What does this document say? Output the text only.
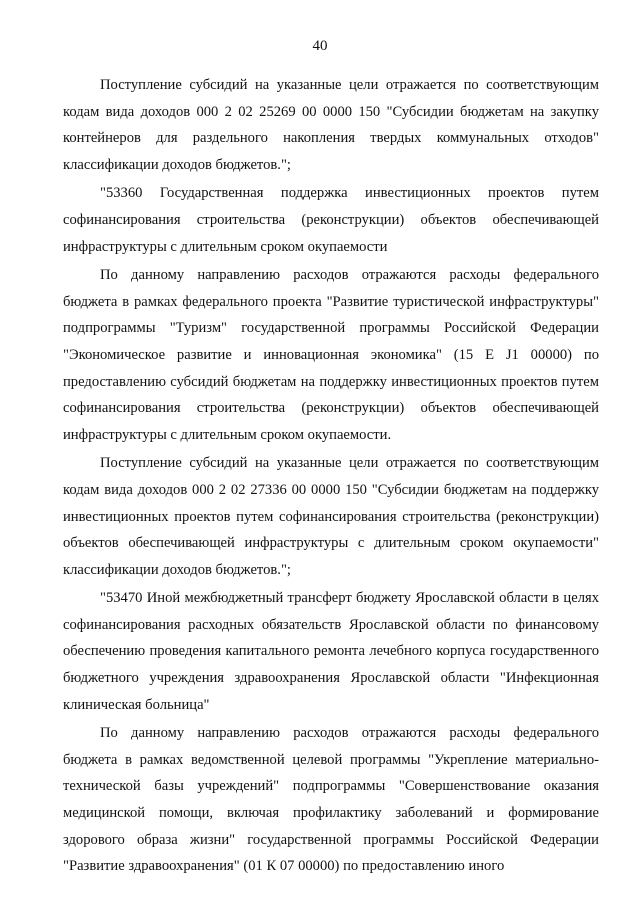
40

Поступление субсидий на указанные цели отражается по соответствующим кодам вида доходов 000 2 02 25269 00 0000 150 "Субсидии бюджетам на закупку контейнеров для раздельного накопления твердых коммунальных отходов" классификации доходов бюджетов.";

"53360 Государственная поддержка инвестиционных проектов путем софинансирования строительства (реконструкции) объектов обеспечивающей инфраструктуры с длительным сроком окупаемости

По данному направлению расходов отражаются расходы федерального бюджета в рамках федерального проекта "Развитие туристической инфраструктуры" подпрограммы "Туризм" государственной программы Российской Федерации "Экономическое развитие и инновационная экономика" (15 Е J1 00000) по предоставлению субсидий бюджетам на поддержку инвестиционных проектов путем софинансирования строительства (реконструкции) объектов обеспечивающей инфраструктуры с длительным сроком окупаемости.

Поступление субсидий на указанные цели отражается по соответствующим кодам вида доходов 000 2 02 27336 00 0000 150 "Субсидии бюджетам на поддержку инвестиционных проектов путем софинансирования строительства (реконструкции) объектов обеспечивающей инфраструктуры с длительным сроком окупаемости" классификации доходов бюджетов.";

"53470 Иной межбюджетный трансферт бюджету Ярославской области в целях софинансирования расходных обязательств Ярославской области по финансовому обеспечению проведения капитального ремонта лечебного корпуса государственного бюджетного учреждения здравоохранения Ярославской области "Инфекционная клиническая больница"

По данному направлению расходов отражаются расходы федерального бюджета в рамках ведомственной целевой программы "Укрепление материально-технической базы учреждений" подпрограммы "Совершенствование оказания медицинской помощи, включая профилактику заболеваний и формирование здорового образа жизни" государственной программы Российской Федерации "Развитие здравоохранения" (01 К 07 00000) по предоставлению иного
